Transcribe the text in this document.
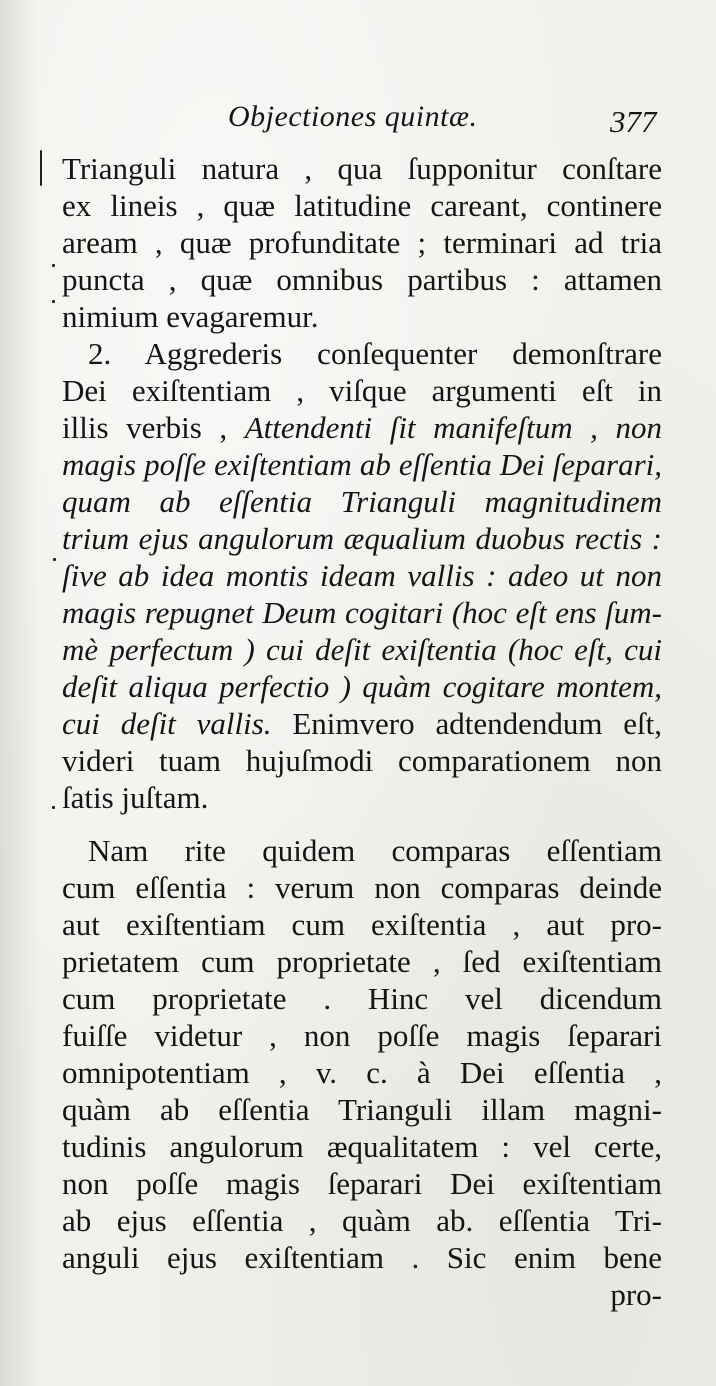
Objectiones quintæ.	377
Trianguli natura , qua ſupponitur conſtare
ex lineis , quæ latitudine careant, continere
aream , quæ profunditate ; terminari ad tria
puncta , quæ omnibus partibus : attamen
nimium evagaremur.
2. Aggrederis conſequenter demonſtrare
Dei exiſtentiam , viſque argumenti eſt in
illis verbis , Attendenti ſit manifeſtum , non
magis poſſe exiſtentiam ab eſſentia Dei ſeparari,
quam ab eſſentia Trianguli magnitudinem
trium ejus angulorum æqualium duobus rectis :
ſive ab idea montis ideam vallis : adeo ut non
magis repugnet Deum cogitari (hoc eſt ens ſum-
mè perfectum ) cui deſit exiſtentia (hoc eſt, cui
deſit aliqua perfectio ) quàm cogitare montem,
cui deſit vallis. Enimvero adtendendum eſt,
videri tuam hujuſmodi comparationem non
ſatis juſtam.
Nam rite quidem comparas eſſentiam
cum eſſentia : verum non comparas deinde
aut exiſtentiam cum exiſtentia , aut pro-
prietatem cum proprietate , ſed exiſtentiam
cum proprietate . Hinc vel dicendum
fuiſſe videtur , non poſſe magis ſeparari
omnipotentiam , v. c. à Dei eſſentia ,
quàm ab eſſentia Trianguli illam magni-
tudinis angulorum æqualitatem : vel certe,
non poſſe magis ſeparari Dei exiſtentiam
ab ejus eſſentia , quàm ab. eſſentia Tri-
anguli ejus exiſtentiam . Sic enim bene
pro-
